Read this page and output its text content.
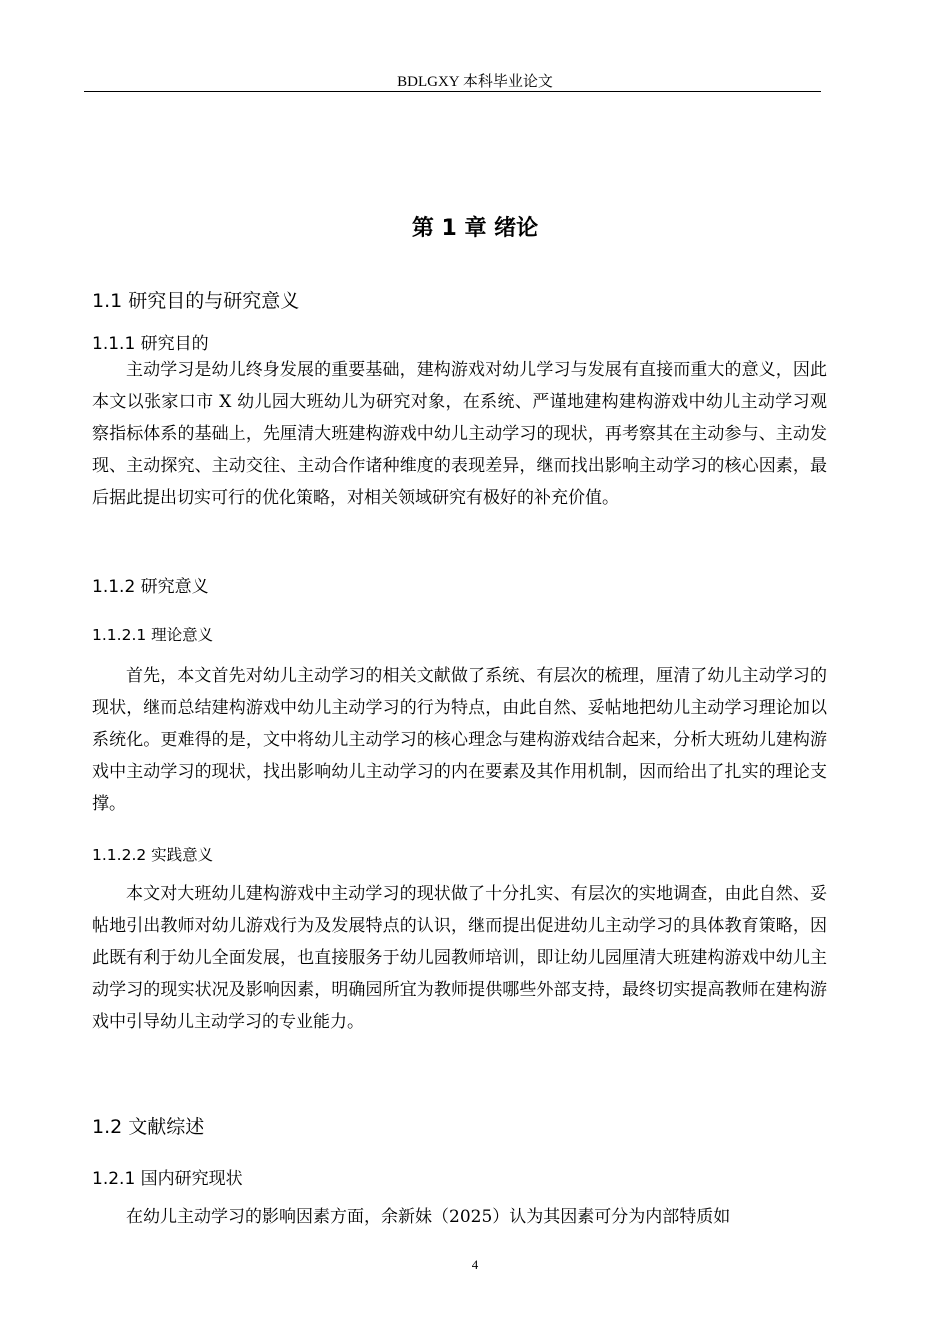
BDLGXY 本科毕业论文
第 1 章 绪论
1.1 研究目的与研究意义
1.1.1 研究目的
主动学习是幼儿终身发展的重要基础，建构游戏对幼儿学习与发展有直接而重大的意义，因此本文以张家口市 X 幼儿园大班幼儿为研究对象，在系统、严谨地建构建构游戏中幼儿主动学习观察指标体系的基础上，先厘清大班建构游戏中幼儿主动学习的现状，再考察其在主动参与、主动发现、主动探究、主动交往、主动合作诸种维度的表现差异，继而找出影响主动学习的核心因素，最后据此提出切实可行的优化策略，对相关领域研究有极好的补充价值。
1.1.2 研究意义
1.1.2.1 理论意义
首先，本文首先对幼儿主动学习的相关文献做了系统、有层次的梳理，厘清了幼儿主动学习的现状，继而总结建构游戏中幼儿主动学习的行为特点，由此自然、妥帖地把幼儿主动学习理论加以系统化。更难得的是，文中将幼儿主动学习的核心理念与建构游戏结合起来，分析大班幼儿建构游戏中主动学习的现状，找出影响幼儿主动学习的内在要素及其作用机制，因而给出了扎实的理论支撑。
1.1.2.2 实践意义
本文对大班幼儿建构游戏中主动学习的现状做了十分扎实、有层次的实地调查，由此自然、妥帖地引出教师对幼儿游戏行为及发展特点的认识，继而提出促进幼儿主动学习的具体教育策略，因此既有利于幼儿全面发展，也直接服务于幼儿园教师培训，即让幼儿园厘清大班建构游戏中幼儿主动学习的现实状况及影响因素，明确园所宜为教师提供哪些外部支持，最终切实提高教师在建构游戏中引导幼儿主动学习的专业能力。
1.2 文献综述
1.2.1 国内研究现状
在幼儿主动学习的影响因素方面，余新妹（2025）认为其因素可分为内部特质如
4
